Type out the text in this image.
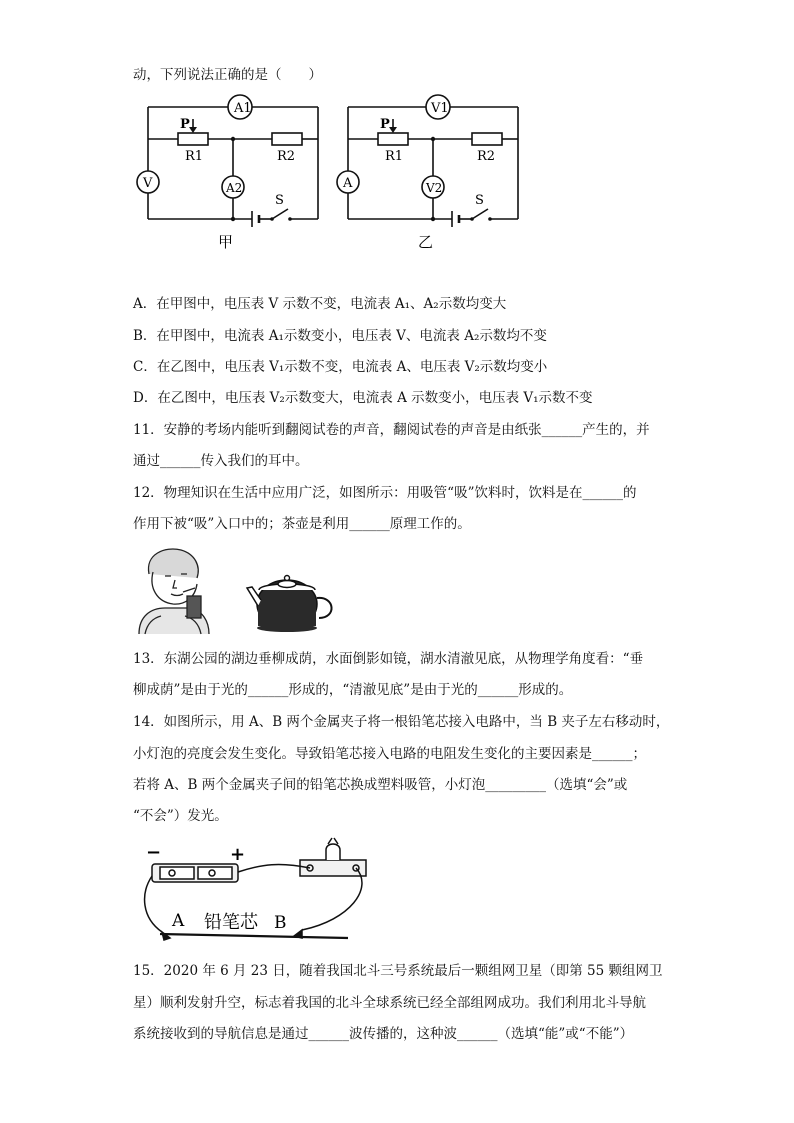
动，下列说法正确的是（　　）
A1
V	A2
P
R1	R2
S
甲
V1
A	V2
P
R1	R2
S
乙
A．在甲图中，电压表 V 示数不变，电流表 A₁、A₂示数均变大
B．在甲图中，电流表 A₁示数变小，电压表 V、电流表 A₂示数均不变
C．在乙图中，电压表 V₁示数不变，电流表 A、电压表 V₂示数均变小
D．在乙图中，电压表 V₂示数变大，电流表 A 示数变小，电压表 V₁示数不变
11．安静的考场内能听到翻阅试卷的声音，翻阅试卷的声音是由纸张______产生的，并
通过______传入我们的耳中。
12．物理知识在生活中应用广泛，如图所示：用吸管“吸”饮料时，饮料是在______的
作用下被“吸”入口中的；茶壶是利用______原理工作的。
13．东湖公园的湖边垂柳成荫，水面倒影如镜，湖水清澈见底，从物理学角度看：“垂
柳成荫”是由于光的______形成的，“清澈见底”是由于光的______形成的。
14．如图所示，用 A、B 两个金属夹子将一根铅笔芯接入电路中，当 B 夹子左右移动时，
小灯泡的亮度会发生变化。导致铅笔芯接入电路的电阻发生变化的主要因素是______；
若将 A、B 两个金属夹子间的铅笔芯换成塑料吸管，小灯泡_________（选填“会”或
“不会”）发光。
−	+
A 铅笔芯 B
15．2020 年 6 月 23 日，随着我国北斗三号系统最后一颗组网卫星（即第 55 颗组网卫
星）顺利发射升空，标志着我国的北斗全球系统已经全部组网成功。我们利用北斗导航
系统接收到的导航信息是通过______波传播的，这种波______（选填“能”或“不能”）
